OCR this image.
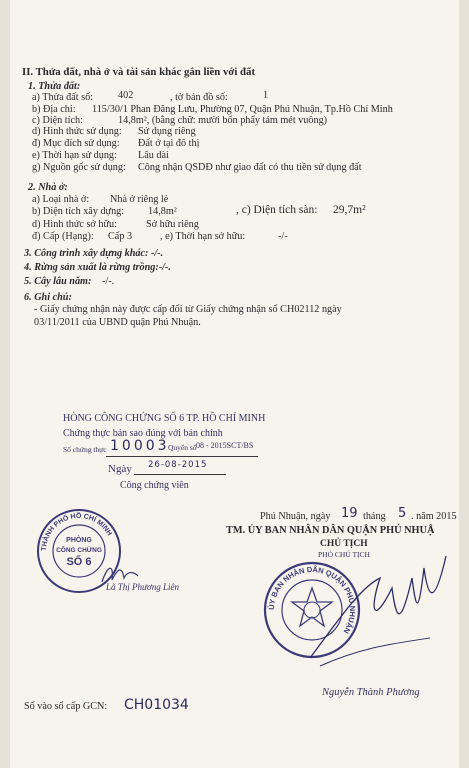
II. Thửa đất, nhà ở và tài sản khác gắn liền với đất
1. Thửa đất:
a) Thửa đất số: 402	, tờ bản đồ số:	1
b) Địa chỉ: 115/30/1 Phan Đăng Lưu, Phường 07, Quận Phú Nhuận, Tp.Hồ Chí Minh
c) Diện tích:	14,8m², (bằng chữ: mười bốn phẩy tám mét vuông)
d) Hình thức sử dụng: Sử dụng riêng
đ) Mục đích sử dụng: Đất ở tại đô thị
e) Thời hạn sử dụng: Lâu dài
g) Nguồn gốc sử dụng: Công nhận QSDĐ như giao đất có thu tiền sử dụng đất
2. Nhà ở:
a) Loại nhà ở: Nhà ở riêng lẻ
b) Diện tích xây dựng: 14,8m²	, c) Diện tích sàn: 29,7m²
d) Hình thức sở hữu:	Sở hữu riêng
đ) Cấp (Hạng): Cấp 3	, e) Thời hạn sở hữu:	-/-
3. Công trình xây dựng khác: -/-.
4. Rừng sản xuất là rừng trồng:-/-.
5. Cây lâu năm: -/-.
6. Ghi chú:
- Giấy chứng nhận này được cấp đổi từ Giấy chứng nhận số CH02112 ngày
03/11/2011 của UBND quận Phú Nhuận.
HÒNG CÔNG CHỨNG SỐ 6 TP. HỒ CHÍ MINH
Chứng thực bản sao đúng với bản chính
Số chứng thực 10003
Quyển số 08 - 2015SCT/BS
Ngày 26-08-2015
Công chứng viên
THÀNH PHỐ HỒ CHÍ MINH
PHÒNG
CÔNG CHỨNG
SỐ 6
Lã Thị Phương Liên
Phú Nhuận, ngày 19 tháng 5 . năm 2015
TM. ỦY BAN NHÂN DÂN QUẬN PHÚ NHUẬ
CHỦ TỊCH
PHÓ CHỦ TỊCH
ỦY BAN NHÂN DÂN QUẬN PHÚ NHUẬN
Nguyễn Thành Phương
Số vào sổ cấp GCN: CH01034
